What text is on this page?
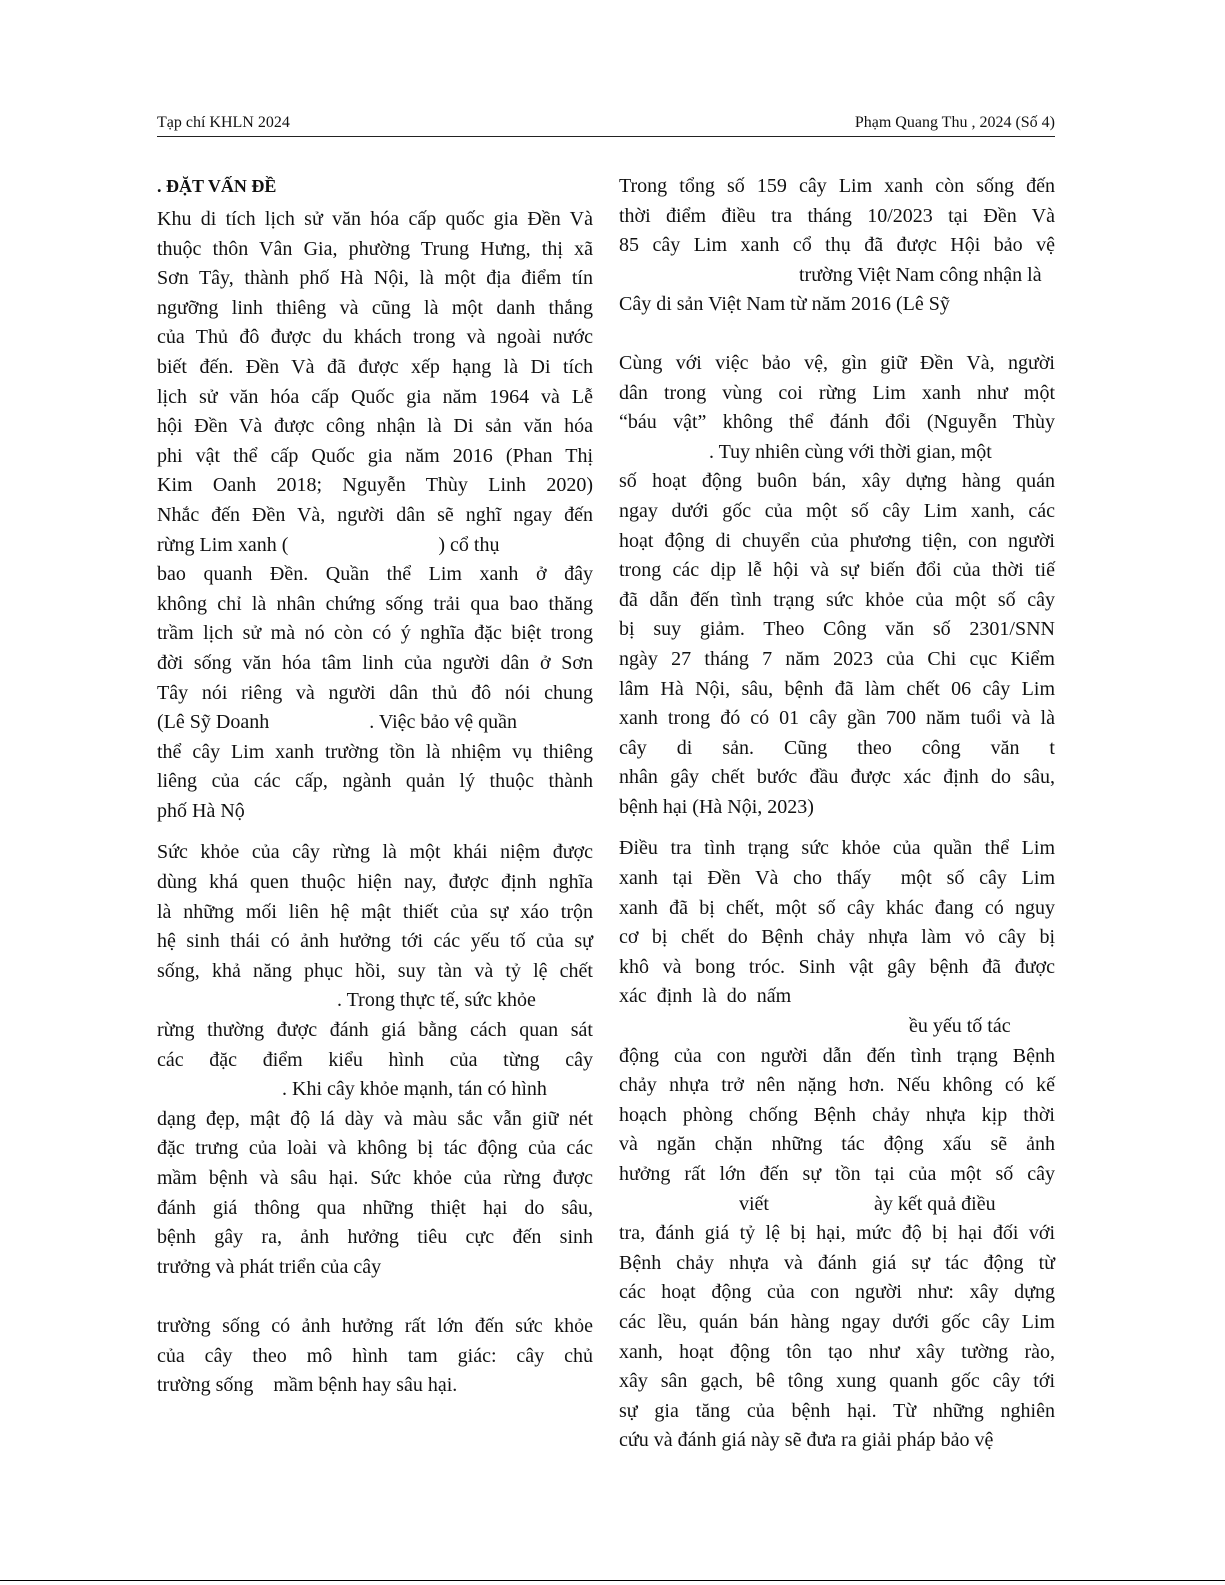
Tạp chí KHLN 2024	Phạm Quang Thu , 2024 (Số 4)
. ĐẶT VẤN ĐỀ
Khu di tích lịch sử văn hóa cấp quốc gia Đền Và
thuộc thôn Vân Gia, phường Trung Hưng, thị xã
Sơn Tây, thành phố Hà Nội, là một địa điểm tín
ngưỡng linh thiêng và cũng là một danh thắng
của Thủ đô được du khách trong và ngoài nước
biết đến. Đền Và đã được xếp hạng là Di tích
lịch sử văn hóa cấp Quốc gia năm 1964 và Lễ
hội Đền Và được công nhận là Di sản văn hóa
phi vật thể cấp Quốc gia năm 2016 (Phan Thị
Kim Oanh 2018; Nguyễn Thùy Linh 2020)
Nhắc đến Đền Và, người dân sẽ nghĩ ngay đến
rừng Lim xanh (                              ) cổ thụ
bao quanh Đền. Quần thể Lim xanh ở đây
không chỉ là nhân chứng sống trải qua bao thăng
trầm lịch sử mà nó còn có ý nghĩa đặc biệt trong
đời sống văn hóa tâm linh của người dân ở Sơn
Tây nói riêng và người dân thủ đô nói chung
(Lê Sỹ Doanh                    . Việc bảo vệ quần
thể cây Lim xanh trường tồn là nhiệm vụ thiêng
liêng của các cấp, ngành quản lý thuộc thành
phố Hà Nộ
Sức khỏe của cây rừng là một khái niệm được
dùng khá quen thuộc hiện nay, được định nghĩa
là những mối liên hệ mật thiết của sự xáo trộn
hệ sinh thái có ảnh hưởng tới các yếu tố của sự
sống, khả năng phục hồi, suy tàn và tỷ lệ chết
. Trong thực tế, sức khỏe
rừng thường được đánh giá bằng cách quan sát
các đặc điểm kiểu hình của từng cây
. Khi cây khỏe mạnh, tán có hình
dạng đẹp, mật độ lá dày và màu sắc vẫn giữ nét
đặc trưng của loài và không bị tác động của các
mầm bệnh và sâu hại. Sức khỏe của rừng được
đánh giá thông qua những thiệt hại do sâu,
bệnh gây ra, ảnh hưởng tiêu cực đến sinh
trưởng và phát triển của cây
trường sống có ảnh hưởng rất lớn đến sức khỏe
của cây theo mô hình tam giác: cây chủ
trường sống    mầm bệnh hay sâu hại.
Trong tổng số 159 cây Lim xanh còn sống đến
thời điểm điều tra tháng 10/2023 tại Đền Và
85 cây Lim xanh cổ thụ đã được Hội bảo vệ
trường Việt Nam công nhận là
Cây di sản Việt Nam từ năm 2016 (Lê Sỹ
Cùng với việc bảo vệ, gìn giữ Đền Và, người
dân trong vùng coi rừng Lim xanh như một
“báu vật” không thể đánh đổi (Nguyễn Thùy
. Tuy nhiên cùng với thời gian, một
số hoạt động buôn bán, xây dựng hàng quán
ngay dưới gốc của một số cây Lim xanh, các
hoạt động di chuyển của phương tiện, con người
trong các dịp lễ hội và sự biến đổi của thời tiế
đã dẫn đến tình trạng sức khỏe của một số cây
bị suy giảm. Theo Công văn số 2301/SNN
ngày 27 tháng 7 năm 2023 của Chi cục Kiểm
lâm Hà Nội, sâu, bệnh đã làm chết 06 cây Lim
xanh trong đó có 01 cây gần 700 năm tuổi và là
cây di sản. Cũng theo công văn t
nhân gây chết bước đầu được xác định do sâu,
bệnh hại (Hà Nội, 2023)
Điều tra tình trạng sức khỏe của quần thể Lim
xanh tại Đền Và cho thấy  một số cây Lim
xanh đã bị chết, một số cây khác đang có nguy
cơ bị chết do Bệnh chảy nhựa làm vỏ cây bị
khô và bong tróc. Sinh vật gây bệnh đã được
xác  định  là  do  nấm
ều yếu tố tác
động của con người dẫn đến tình trạng Bệnh
chảy nhựa trở nên nặng hơn. Nếu không có kế
hoạch phòng chống Bệnh chảy nhựa kịp thời
và ngăn chặn những tác động xấu sẽ ảnh
hưởng rất lớn đến sự tồn tại của một số cây
viết                     ày kết quả điều
tra, đánh giá tỷ lệ bị hại, mức độ bị hại đối với
Bệnh chảy nhựa và đánh giá sự tác động từ
các hoạt động của con người như: xây dựng
các lều, quán bán hàng ngay dưới gốc cây Lim
xanh, hoạt động tôn tạo như xây tường rào,
xây sân gạch, bê tông xung quanh gốc cây tới
sự gia tăng của bệnh hại. Từ những nghiên
cứu và đánh giá này sẽ đưa ra giải pháp bảo vệ
